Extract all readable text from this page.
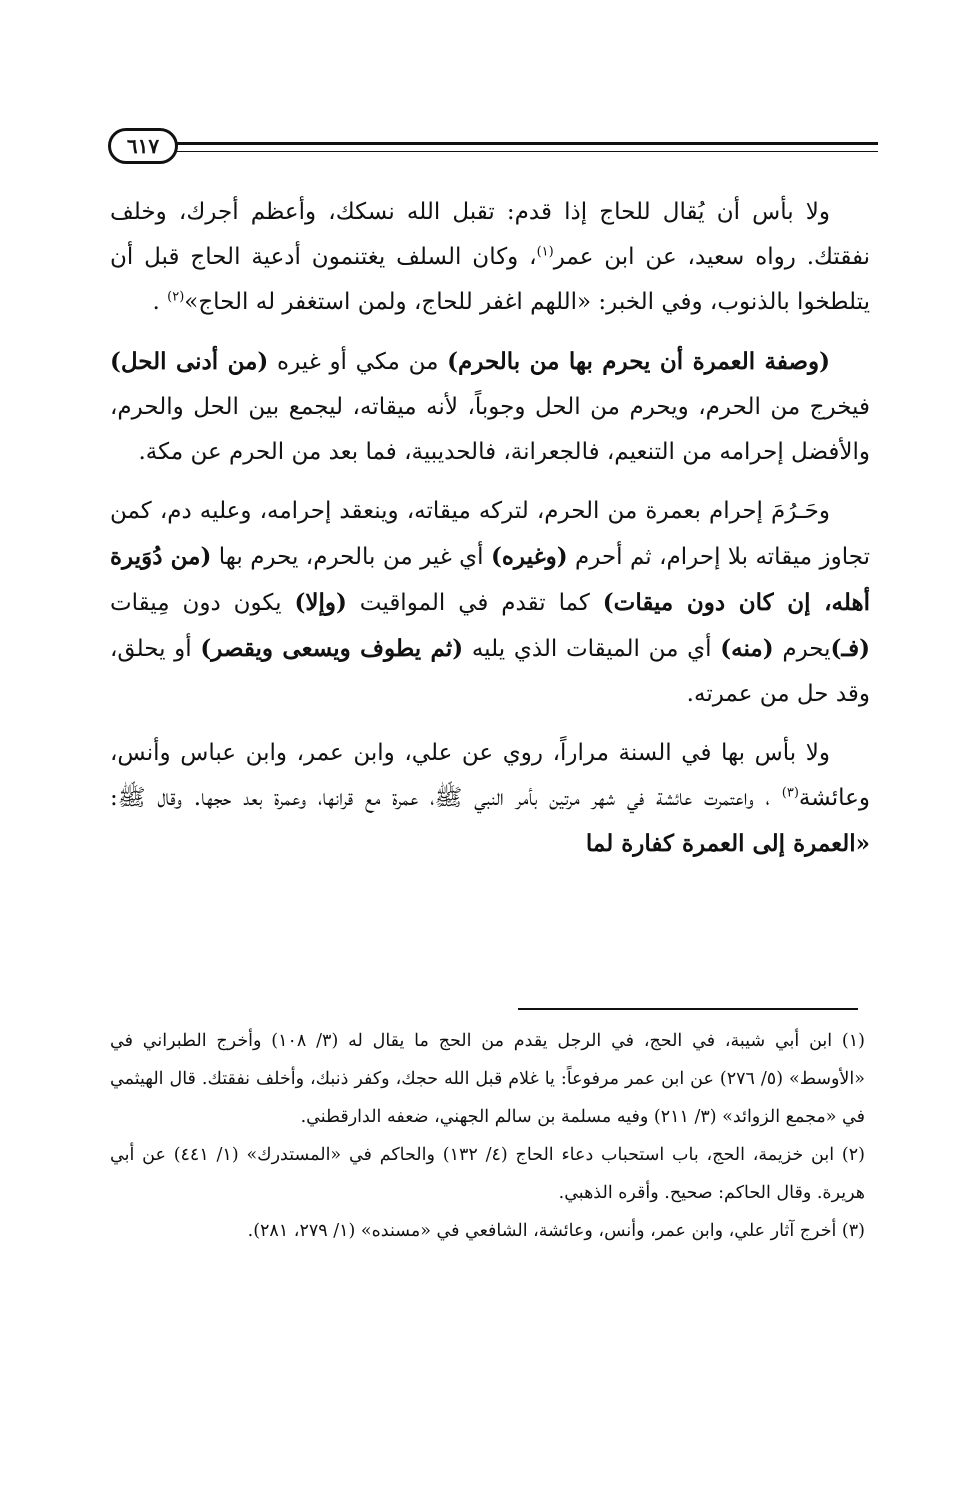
٦١٧

ولا بأس أن يُقال للحاج إذا قدم: تقبل الله نسكك، وأعظم أجرك، وخلف نفقتك. رواه سعيد، عن ابن عمر$^{(١)}$، وكان السلف يغتنمون أدعية الحاج قبل أن يتلطخوا بالذنوب، وفي الخبر: «اللهم اغفر للحاج، ولمن استغفر له الحاج»$^{(٢)}$ .

(وصفة العمرة أن يحرم بها من بالحرم) من مكي أو غيره (من أدنى الحل) فيخرج من الحرم، ويحرم من الحل وجوباً، لأنه ميقاته، ليجمع بين الحل والحرم، والأفضل إحرامه من التنعيم، فالجعرانة، فالحديبية، فما بعد من الحرم عن مكة.

وحَـرُمَ إحرام بعمرة من الحرم، لتركه ميقاته، وينعقد إحرامه، وعليه دم، كمن تجاوز ميقاته بلا إحرام، ثم أحرم (وغيره) أي غير من بالحرم، يحرم بها (من دُوَيرة أهله، إن كان دون ميقات) كما تقدم في المواقيت (وإلا) يكون دون مِيقات (فـ)يحرم (منه) أي من الميقات الذي يليه (ثم يطوف ويسعى ويقصر) أو يحلق، وقد حل من عمرته.

ولا بأس بها في السنة مراراً، روي عن علي، وابن عمر، وابن عباس وأنس، وعائشة$^{(٣)}$ ، واعتمرت عائشة في شهر مرتين بأمر النبي ﷺ، عمرة مع قرانها، وعمرة بعد حجها. وقال ﷺ: «العمرة إلى العمرة كفارة لما

(١) ابن أبي شيبة، في الحج، في الرجل يقدم من الحج ما يقال له (٣/ ١٠٨) وأخرج الطبراني في «الأوسط» (٥/ ٢٧٦) عن ابن عمر مرفوعاً: يا غلام قبل الله حجك، وكفر ذنبك، وأخلف نفقتك. قال الهيثمي في «مجمع الزوائد» (٣/ ٢١١) وفيه مسلمة بن سالم الجهني، ضعفه الدارقطني.

(٢) ابن خزيمة، الحج، باب استحباب دعاء الحاج (٤/ ١٣٢) والحاكم في «المستدرك» (١/ ٤٤١) عن أبي هريرة. وقال الحاكم: صحيح. وأقره الذهبي.

(٣) أخرج آثار علي، وابن عمر، وأنس، وعائشة، الشافعي في «مسنده» (١/ ٢٧٩، ٢٨١).
